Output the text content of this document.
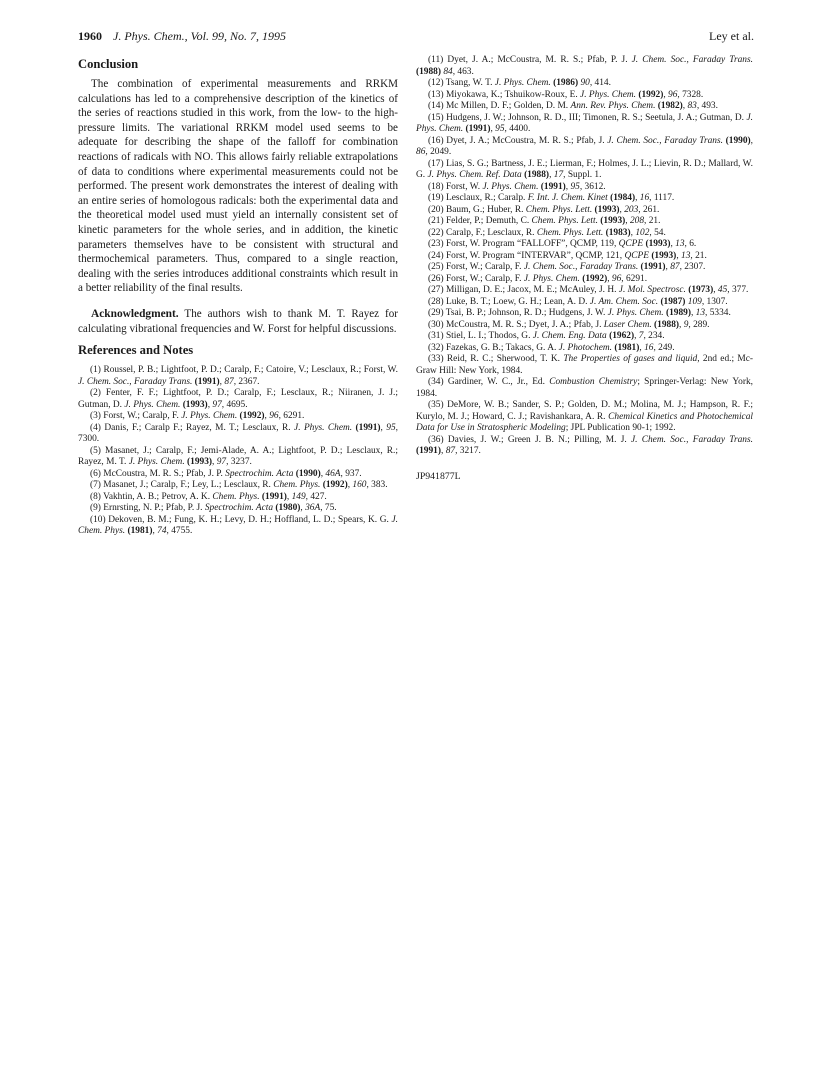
1960 J. Phys. Chem., Vol. 99, No. 7, 1995	Ley et al.
Conclusion

The combination of experimental measurements and RRKM calculations has led to a comprehensive description of the kinetics of the series of reactions studied in this work, from the low- to the high-pressure limits. The variational RRKM model used seems to be adequate for describing the shape of the falloff for combination reactions of radicals with NO. This allows fairly reliable extrapolations of data to conditions where experimental measurements could not be performed. The present work demonstrates the interest of dealing with an entire series of homologous radicals: both the experimental data and the theoretical model used must yield an internally consistent set of kinetic parameters for the whole series, and in addition, the kinetic parameters themselves have to be consistent with structural and thermochemical parameters. Thus, compared to a single reaction, dealing with the series introduces additional constraints which result in a better reliability of the final results.

Acknowledgment. The authors wish to thank M. T. Rayez for calculating vibrational frequencies and W. Forst for helpful discussions.

References and Notes
(1) Roussel, P. B.; Lightfoot, P. D.; Caralp, F.; Catoire, V.; Lesclaux, R.; Forst, W. J. Chem. Soc., Faraday Trans. (1991), 87, 2367.
(2) Fenter, F. F.; Lightfoot, P. D.; Caralp, F.; Lesclaux, R.; Niiranen, J. J.; Gutman, D. J. Phys. Chem. (1993), 97, 4695.
(3) Forst, W.; Caralp, F. J. Phys. Chem. (1992), 96, 6291.
(4) Danis, F.; Caralp F.; Rayez, M. T.; Lesclaux, R. J. Phys. Chem. (1991), 95, 7300.
(5) Masanet, J.; Caralp, F.; Jemi-Alade, A. A.; Lightfoot, P. D.; Lesclaux, R.; Rayez, M. T. J. Phys. Chem. (1993), 97, 3237.
(6) McCoustra, M. R. S.; Pfab, J. P. Spectrochim. Acta (1990), 46A, 937.
(7) Masanet, J.; Caralp, F.; Ley, L.; Lesclaux, R. Chem. Phys. (1992), 160, 383.
(8) Vakhtin, A. B.; Petrov, A. K. Chem. Phys. (1991), 149, 427.
(9) Ernrsting, N. P.; Pfab, P. J. Spectrochim. Acta (1980), 36A, 75.
(10) Dekoven, B. M.; Fung, K. H.; Levy, D. H.; Hoffland, L. D.; Spears, K. G. J. Chem. Phys. (1981), 74, 4755.
(11) Dyet, J. A.; McCoustra, M. R. S.; Pfab, P. J. J. Chem. Soc., Faraday Trans. (1988) 84, 463.
(12) Tsang, W. T. J. Phys. Chem. (1986) 90, 414.
(13) Miyokawa, K.; Tshuikow-Roux, E. J. Phys. Chem. (1992), 96, 7328.
(14) Mc Millen, D. F.; Golden, D. M. Ann. Rev. Phys. Chem. (1982), 83, 493.
(15) Hudgens, J. W.; Johnson, R. D., III; Timonen, R. S.; Seetula, J. A.; Gutman, D. J. Phys. Chem. (1991), 95, 4400.
(16) Dyet, J. A.; McCoustra, M. R. S.; Pfab, J. J. Chem. Soc., Faraday Trans. (1990), 86, 2049.
(17) Lias, S. G.; Bartness, J. E.; Lierman, F.; Holmes, J. L.; Lievin, R. D.; Mallard, W. G. J. Phys. Chem. Ref. Data (1988), 17, Suppl. 1.
(18) Forst, W. J. Phys. Chem. (1991), 95, 3612.
(19) Lesclaux, R.; Caralp. F. Int. J. Chem. Kinet (1984), 16, 1117.
(20) Baum, G.; Huber, R. Chem. Phys. Lett. (1993), 203, 261.
(21) Felder, P.; Demuth, C. Chem. Phys. Lett. (1993), 208, 21.
(22) Caralp, F.; Lesclaux, R. Chem. Phys. Lett. (1983), 102, 54.
(23) Forst, W. Program “FALLOFF”, QCMP, 119, QCPE (1993), 13, 6.
(24) Forst, W. Program “INTERVAR”, QCMP, 121, QCPE (1993), 13, 21.
(25) Forst, W.; Caralp, F. J. Chem. Soc., Faraday Trans. (1991), 87, 2307.
(26) Forst, W.; Caralp, F. J. Phys. Chem. (1992), 96, 6291.
(27) Milligan, D. E.; Jacox, M. E.; McAuley, J. H. J. Mol. Spectrosc. (1973), 45, 377.
(28) Luke, B. T.; Loew, G. H.; Lean, A. D. J. Am. Chem. Soc. (1987) 109, 1307.
(29) Tsai, B. P.; Johnson, R. D.; Hudgens, J. W. J. Phys. Chem. (1989), 13, 5334.
(30) McCoustra, M. R. S.; Dyet, J. A.; Pfab, J. Laser Chem. (1988), 9, 289.
(31) Stiel, L. I.; Thodos, G. J. Chem. Eng. Data (1962), 7, 234.
(32) Fazekas, G. B.; Takacs, G. A. J. Photochem. (1981), 16, 249.
(33) Reid, R. C.; Sherwood, T. K. The Properties of gases and liquid, 2nd ed.; Mc-Graw Hill: New York, 1984.
(34) Gardiner, W. C., Jr., Ed. Combustion Chemistry; Springer-Verlag: New York, 1984.
(35) DeMore, W. B.; Sander, S. P.; Golden, D. M.; Molina, M. J.; Hampson, R. F.; Kurylo, M. J.; Howard, C. J.; Ravishankara, A. R. Chemical Kinetics and Photochemical Data for Use in Stratospheric Modeling; JPL Publication 90-1; 1992.
(36) Davies, J. W.; Green J. B. N.; Pilling, M. J. J. Chem. Soc., Faraday Trans. (1991), 87, 3217.
JP941877L
